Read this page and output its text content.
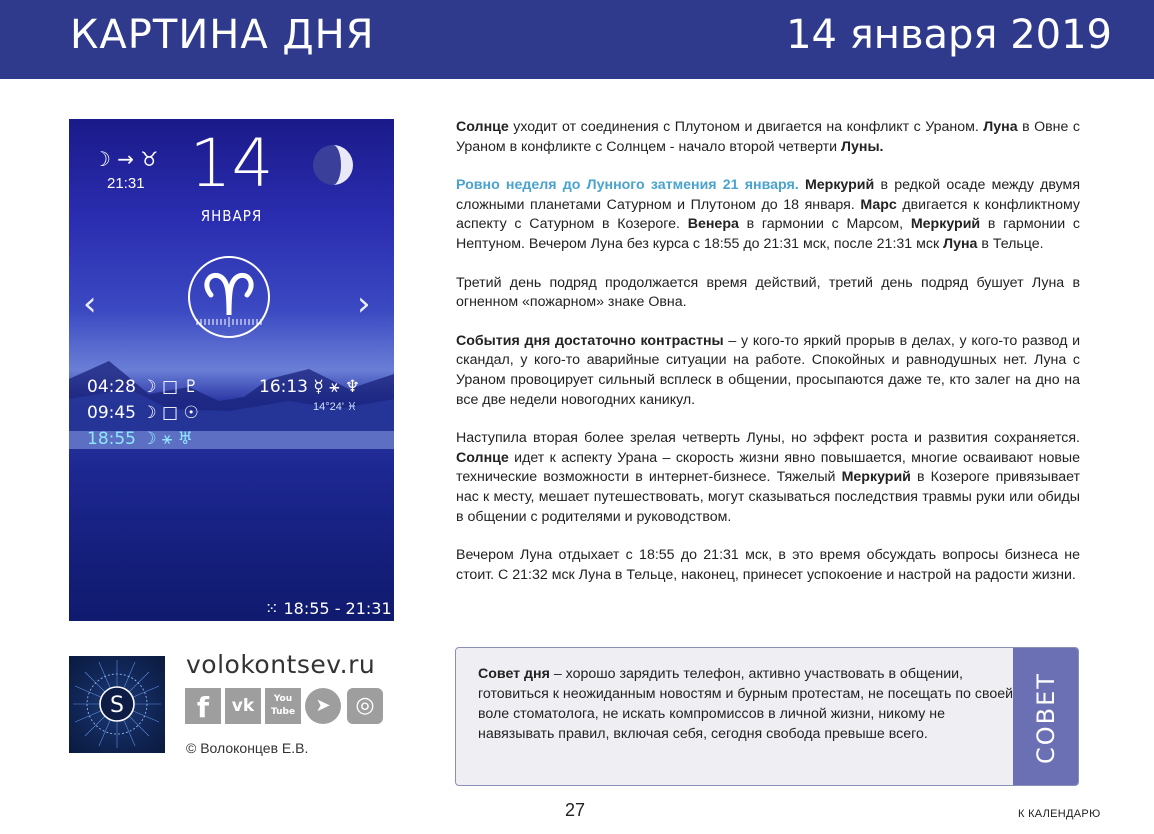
КАРТИНА ДНЯ	14 января 2019
☽ → ♉
21:31 14
ЯНВАРЯ
‹	›
04:28 ☽ □ ♇
09:45 ☽ □ ☉
18:55 ☽ ⚹ ♅
16:13 ☿ ⚹ ♆
14°24' ♓
⁙ 18:55 - 21:31

Солнце уходит от соединения с Плутоном и двигается на конфликт с Ураном. Луна в Овне с Ураном в конфликте с Солнцем - начало второй четверти Луны.

Ровно неделя до Лунного затмения 21 января. Меркурий в редкой осаде между двумя сложными планетами Сатурном и Плутоном до 18 января. Марс двигается к конфликтному аспекту с Сатурном в Козероге. Венера в гармонии с Марсом, Меркурий в гармонии с Нептуном. Вечером Луна без курса с 18:55 до 21:31 мск, после 21:31 мск Луна в Тельце.

Третий день подряд продолжается время действий, третий день подряд бушует Луна в огненном «пожарном» знаке Овна.

События дня достаточно контрастны – у кого-то яркий прорыв в делах, у кого-то развод и скандал, у кого-то аварийные ситуации на работе. Спокойных и равнодушных нет. Луна с Ураном провоцирует сильный всплеск в общении, просыпаются даже те, кто залег на дно на все две недели новогодних каникул.

Наступила вторая более зрелая четверть Луны, но эффект роста и развития сохраняется. Солнце идет к аспекту Урана – скорость жизни явно повышается, многие осваивают новые технические возможности в интернет-бизнесе. Тяжелый Меркурий в Козероге привязывает нас к месту, мешает путешествовать, могут сказываться последствия травмы руки или обиды в общении с родителями и руководством.

Вечером Луна отдыхает с 18:55 до 21:31 мск, в это время обсуждать вопросы бизнеса не стоит. С 21:32 мск Луна в Тельце, наконец, принесет успокоение и настрой на радости жизни.

S
volokontsev.ru
f	vk	You Tube	➤	◎
© Волоконцев Е.В.
Совет дня – хорошо зарядить телефон, активно участвовать в общении, готовиться к неожиданным новостям и бурным протестам, не посещать по своей воле стоматолога, не искать компромиссов в личной жизни, никому не навязывать правил, включая себя, сегодня свобода превыше всего.	СОВЕТ
27	К КАЛЕНДАРЮ
